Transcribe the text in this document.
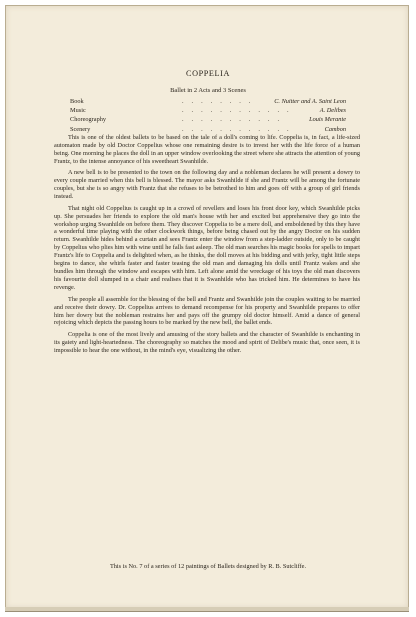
COPPELIA
Ballet in 2 Acts and 3 Scenes
Book	. . . . . . . .	C. Nuitter and A. Saint Leon
Music	. . . . . . . . . . . .	A. Delibes
Choreography	. . . . . . . . . . .	Louis Merante
Scenery	. . . . . . . . . . . .	Cambon

This is one of the oldest ballets to be based on the tale of a doll's coming to life. Coppelia is, in fact, a life-sized automaton made by old Doctor Coppelius whose one remaining desire is to invest her with the life force of a human being. One morning he places the doll in an upper window overlooking the street where she attracts the attention of young Frantz, to the intense annoyance of his sweetheart Swanhilde.

A new bell is to be presented to the town on the following day and a nobleman declares he will present a dowry to every couple married when this bell is blessed. The mayor asks Swanhilde if she and Frantz will be among the fortunate couples, but she is so angry with Frantz that she refuses to be betrothed to him and goes off with a group of girl friends instead.

That night old Coppelius is caught up in a crowd of revellers and loses his front door key, which Swanhilde picks up. She persuades her friends to explore the old man's house with her and excited but apprehensive they go into the workshop urging Swanhilde on before them. They discover Coppelia to be a mere doll, and emboldened by this they have a wonderful time playing with the other clockwork things, before being chased out by the angry Doctor on his sudden return. Swanhilde hides behind a curtain and sees Frantz enter the window from a step-ladder outside, only to be caught by Coppelius who plies him with wine until he falls fast asleep. The old man searches his magic books for spells to impart Frantz's life to Coppelia and is delighted when, as he thinks, the doll moves at his bidding and with jerky, tight little steps begins to dance, she whirls faster and faster teasing the old man and damaging his dolls until Frantz wakes and she bundles him through the window and escapes with him. Left alone amid the wreckage of his toys the old man discovers his favourite doll slumped in a chair and realises that it is Swanhilde who has tricked him. He determines to have his revenge.

The people all assemble for the blessing of the bell and Frantz and Swanhilde join the couples waiting to be married and receive their dowry. Dr. Coppelius arrives to demand recompense for his property and Swanhilde prepares to offer him her dowry but the nobleman restrains her and pays off the grumpy old doctor himself. Amid a dance of general rejoicing which depicts the passing hours to be marked by the new bell, the ballet ends.

Coppelia is one of the most lively and amusing of the story ballets and the character of Swanhilde is enchanting in its gaiety and light-heartedness. The choreography so matches the mood and spirit of Delibe's music that, once seen, it is impossible to hear the one without, in the mind's eye, visualizing the other.

This is No. 7 of a series of 12 paintings of Ballets designed by R. B. Sutcliffe.
